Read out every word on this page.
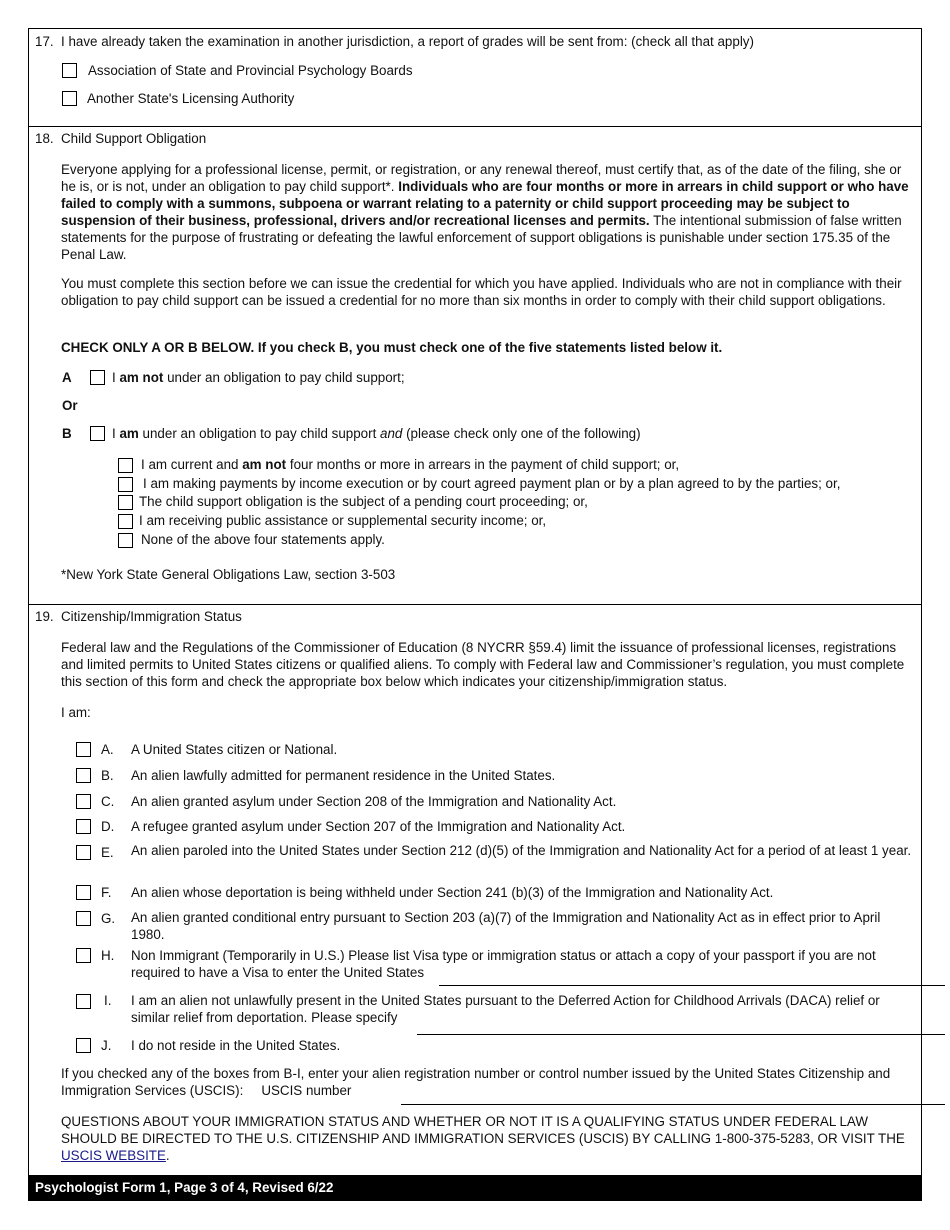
17. I have already taken the examination in another jurisdiction, a report of grades will be sent from: (check all that apply)
Association of State and Provincial Psychology Boards
Another State's Licensing Authority
18. Child Support Obligation
Everyone applying for a professional license, permit, or registration, or any renewal thereof, must certify that, as of the date of the filing, she or he is, or is not, under an obligation to pay child support*. Individuals who are four months or more in arrears in child support or who have failed to comply with a summons, subpoena or warrant relating to a paternity or child support proceeding may be subject to suspension of their business, professional, drivers and/or recreational licenses and permits. The intentional submission of false written statements for the purpose of frustrating or defeating the lawful enforcement of support obligations is punishable under section 175.35 of the Penal Law.
You must complete this section before we can issue the credential for which you have applied. Individuals who are not in compliance with their obligation to pay child support can be issued a credential for no more than six months in order to comply with their child support obligations.
CHECK ONLY A OR B BELOW. If you check B, you must check one of the five statements listed below it.
A	I am not under an obligation to pay child support;
Or
B	I am under an obligation to pay child support and (please check only one of the following)
I am current and am not four months or more in arrears in the payment of child support; or,
I am making payments by income execution or by court agreed payment plan or by a plan agreed to by the parties; or,
The child support obligation is the subject of a pending court proceeding; or,
I am receiving public assistance or supplemental security income; or,
None of the above four statements apply.
*New York State General Obligations Law, section 3-503
19. Citizenship/Immigration Status
Federal law and the Regulations of the Commissioner of Education (8 NYCRR §59.4) limit the issuance of professional licenses, registrations and limited permits to United States citizens or qualified aliens. To comply with Federal law and Commissioner’s regulation, you must complete this section of this form and check the appropriate box below which indicates your citizenship/immigration status.
I am:
A. A United States citizen or National.
B. An alien lawfully admitted for permanent residence in the United States.
C. An alien granted asylum under Section 208 of the Immigration and Nationality Act.
D. A refugee granted asylum under Section 207 of the Immigration and Nationality Act.
E. An alien paroled into the United States under Section 212 (d)(5) of the Immigration and Nationality Act for a period of at least 1 year.
F. An alien whose deportation is being withheld under Section 241 (b)(3) of the Immigration and Nationality Act.
G. An alien granted conditional entry pursuant to Section 203 (a)(7) of the Immigration and Nationality Act as in effect prior to April 1980.
H. Non Immigrant (Temporarily in U.S.) Please list Visa type or immigration status or attach a copy of your passport if you are not required to have a Visa to enter the United States
I. I am an alien not unlawfully present in the United States pursuant to the Deferred Action for Childhood Arrivals (DACA) relief or similar relief from deportation. Please specify
J. I do not reside in the United States.
If you checked any of the boxes from B-I, enter your alien registration number or control number issued by the United States Citizenship and Immigration Services (USCIS): USCIS number
QUESTIONS ABOUT YOUR IMMIGRATION STATUS AND WHETHER OR NOT IT IS A QUALIFYING STATUS UNDER FEDERAL LAW SHOULD BE DIRECTED TO THE U.S. CITIZENSHIP AND IMMIGRATION SERVICES (USCIS) BY CALLING 1-800-375-5283, OR VISIT THE USCIS WEBSITE.
Psychologist Form 1, Page 3 of 4, Revised 6/22
